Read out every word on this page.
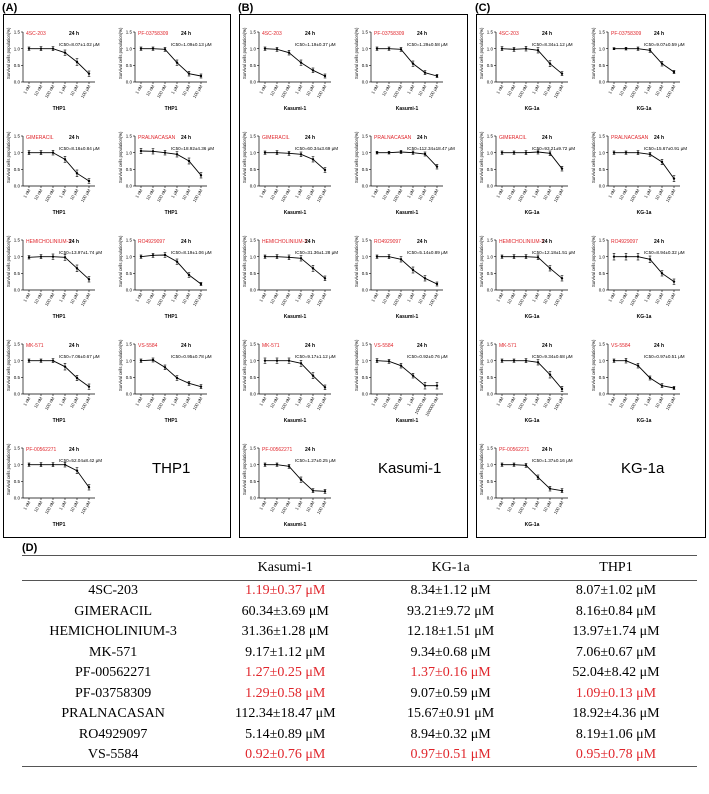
(A)
Survival cells population(%)
0.0
0.5
1.0
1.5
1 nM 10 nM 100 nM 1 μM 10 μM 100 μM
4SC-203	24 h
IC50=8.07±1.02 μM
THP1
Survival cells population(%)
0.0
0.5
1.0
1.5
1 nM 10 nM 100 nM 1 μM 10 μM 100 μM
PF-03758309	24 h
IC50=1.09±0.13 μM
THP1
Survival cells population(%)
0.0
0.5
1.0
1.5
1 nM 10 nM 100 nM 1 μM 10 μM 100 μM
GIMERACIL	24 h
IC50=8.16±0.84 μM
THP1
Survival cells population(%)
0.0
0.5
1.0
1.5
1 nM 10 nM 100 nM 1 μM 10 μM 100 μM
PRALNACASAN 24 h
IC50=18.92±4.36 μM
THP1
Survival cells population(%)
0.0
0.5
1.0
1.5
1 nM 10 nM 100 nM 1 μM 10 μM 100 μM
HEMICHOLINIUM-3
24 h
IC50=13.97±1.74 μM
THP1
Survival cells population(%)
0.0
0.5
1.0
1.5
1 nM 10 nM 100 nM 1 μM 10 μM 100 μM
RO4929097	24 h
IC50=8.19±1.06 μM
THP1
Survival cells population(%)
0.0
0.5
1.0
1.5
1 nM 10 nM 100 nM 1 μM 10 μM 100 μM
MK-571	24 h
IC50=7.06±0.67 μM
THP1
Survival cells population(%)
0.0
0.5
1.0
1.5
1 nM 10 nM 100 nM 1 μM 10 μM 100 μM
VS-5584	24 h
IC50=0.95±0.78 μM
THP1
Survival cells population(%)
0.0
0.5
1.0
1.5
1 nM 10 nM 100 nM 1 μM 10 μM 100 μM
PF-00562271	24 h
IC50=52.04±8.42 μM
THP1
THP1
(B)
Survival cells population(%)
0.0
0.5
1.0
1.5
1 nM 10 nM 100 nM 1 μM 10 μM 100 μM
4SC-203	24 h
IC50=1.19±0.37 μM
Kasumi-1
Survival cells population(%)
0.0
0.5
1.0
1.5
1 nM 10 nM 100 nM 1 μM 10 μM 100 μM
PF-03758309	24 h
IC50=1.29±0.58 μM
Kasumi-1
Survival cells population(%)
0.0
0.5
1.0
1.5
1 nM 10 nM 100 nM 1 μM 10 μM 100 μM
GIMERACIL	24 h
IC50=60.34±3.69 μM
Kasumi-1
Survival cells population(%)
0.0
0.5
1.0
1.5
1 nM 10 nM 100 nM 1 μM 10 μM 100 μM
PRALNACASAN 24 h
IC50=112.34±18.47 μM
Kasumi-1
Survival cells population(%)
0.0
0.5
1.0
1.5
1 nM 10 nM 100 nM 1 μM 10 μM 100 μM
HEMICHOLINIUM-3
24 h
IC50=31.36±1.28 μM
Kasumi-1
Survival cells population(%)
0.0
0.5
1.0
1.5
1 nM 10 nM 100 nM 1 μM 10 μM 100 μM
RO4929097	24 h
IC50=5.14±0.89 μM
Kasumi-1
Survival cells population(%)
0.0
0.5
1.0
1.5
1 nM 10 nM 100 nM 1 μM 10 μM 100 μM
MK-571	24 h
IC50=9.17±1.12 μM
Kasumi-1
Survival cells population(%)
0.0
0.5
1.0
1.5
1 nM 10 nM 100 nM 1 μM
10000 nM
100000 nM
VS-5584	24 h
IC50=0.92±0.76 μM
Kasumi-1
Survival cells population(%)
0.0
0.5
1.0
1.5
1 nM 10 nM 100 nM 1 μM 10 μM 100 μM
PF-00562271	24 h
IC50=1.27±0.25 μM
Kasumi-1
Kasumi-1
(C)
Survival cells population(%)
0.0
0.5
1.0
1.5
1 nM 10 nM 100 nM 1 μM 10 μM 100 μM
4SC-203	24 h
IC50=8.34±1.12 μM
KG-1a
Survival cells population(%)
0.0
0.5
1.0
1.5
1 nM 10 nM 100 nM 1 μM 10 μM 100 μM
PF-03758309	24 h
IC50=9.07±0.59 μM
KG-1a
Survival cells population(%)
0.0
0.5
1.0
1.5
1 nM 10 nM 100 nM 1 μM 10 μM 100 μM
GIMERACIL	24 h
IC50=93.21±9.72 μM
KG-1a
Survival cells population(%)
0.0
0.5
1.0
1.5
1 nM 10 nM 100 nM 1 μM 10 μM 100 μM
PRALNACASAN 24 h
IC50=15.67±0.91 μM
KG-1a
Survival cells population(%)
0.0
0.5
1.0
1.5
1 nM 10 nM 100 nM 1 μM 10 μM 100 μM
HEMICHOLINIUM-3
24 h
IC50=12.18±1.51 μM
KG-1a
Survival cells population(%)
0.0
0.5
1.0
1.5
1 nM 10 nM 100 nM 1 μM 10 μM 100 μM
RO4929097	24 h
IC50=8.94±0.32 μM
KG-1a
Survival cells population(%)
0.0
0.5
1.0
1.5
1 nM 10 nM 100 nM 1 μM 10 μM 100 μM
MK-571	24 h
IC50=9.34±0.68 μM
KG-1a
Survival cells population(%)
0.0
0.5
1.0
1.5
1 nM 10 nM 100 nM 1 μM 10 μM 100 μM
VS-5584	24 h
IC50=0.97±0.51 μM
KG-1a
Survival cells population(%)
0.0
0.5
1.0
1.5
1 nM 10 nM 100 nM 1 μM 10 μM 100 μM
PF-00562271	24 h
IC50=1.37±0.16 μM
KG-1a
KG-1a
(D)
	Kasumi-1	KG-1a	THP1
4SC-203	1.19±0.37 μM	8.34±1.12 μM	8.07±1.02 μM
GIMERACIL	60.34±3.69 μM	93.21±9.72 μM	8.16±0.84 μM
HEMICHOLINIUM-3	31.36±1.28 μM	12.18±1.51 μM	13.97±1.74 μM
MK-571	9.17±1.12 μM	9.34±0.68 μM	7.06±0.67 μM
PF-00562271	1.27±0.25 μM	1.37±0.16 μM	52.04±8.42 μM
PF-03758309	1.29±0.58 μM	9.07±0.59 μM	1.09±0.13 μM
PRALNACASAN	112.34±18.47 μM	15.67±0.91 μM	18.92±4.36 μM
RO4929097	5.14±0.89 μM	8.94±0.32 μM	8.19±1.06 μM
VS-5584	0.92±0.76 μM	0.97±0.51 μM	0.95±0.78 μM
